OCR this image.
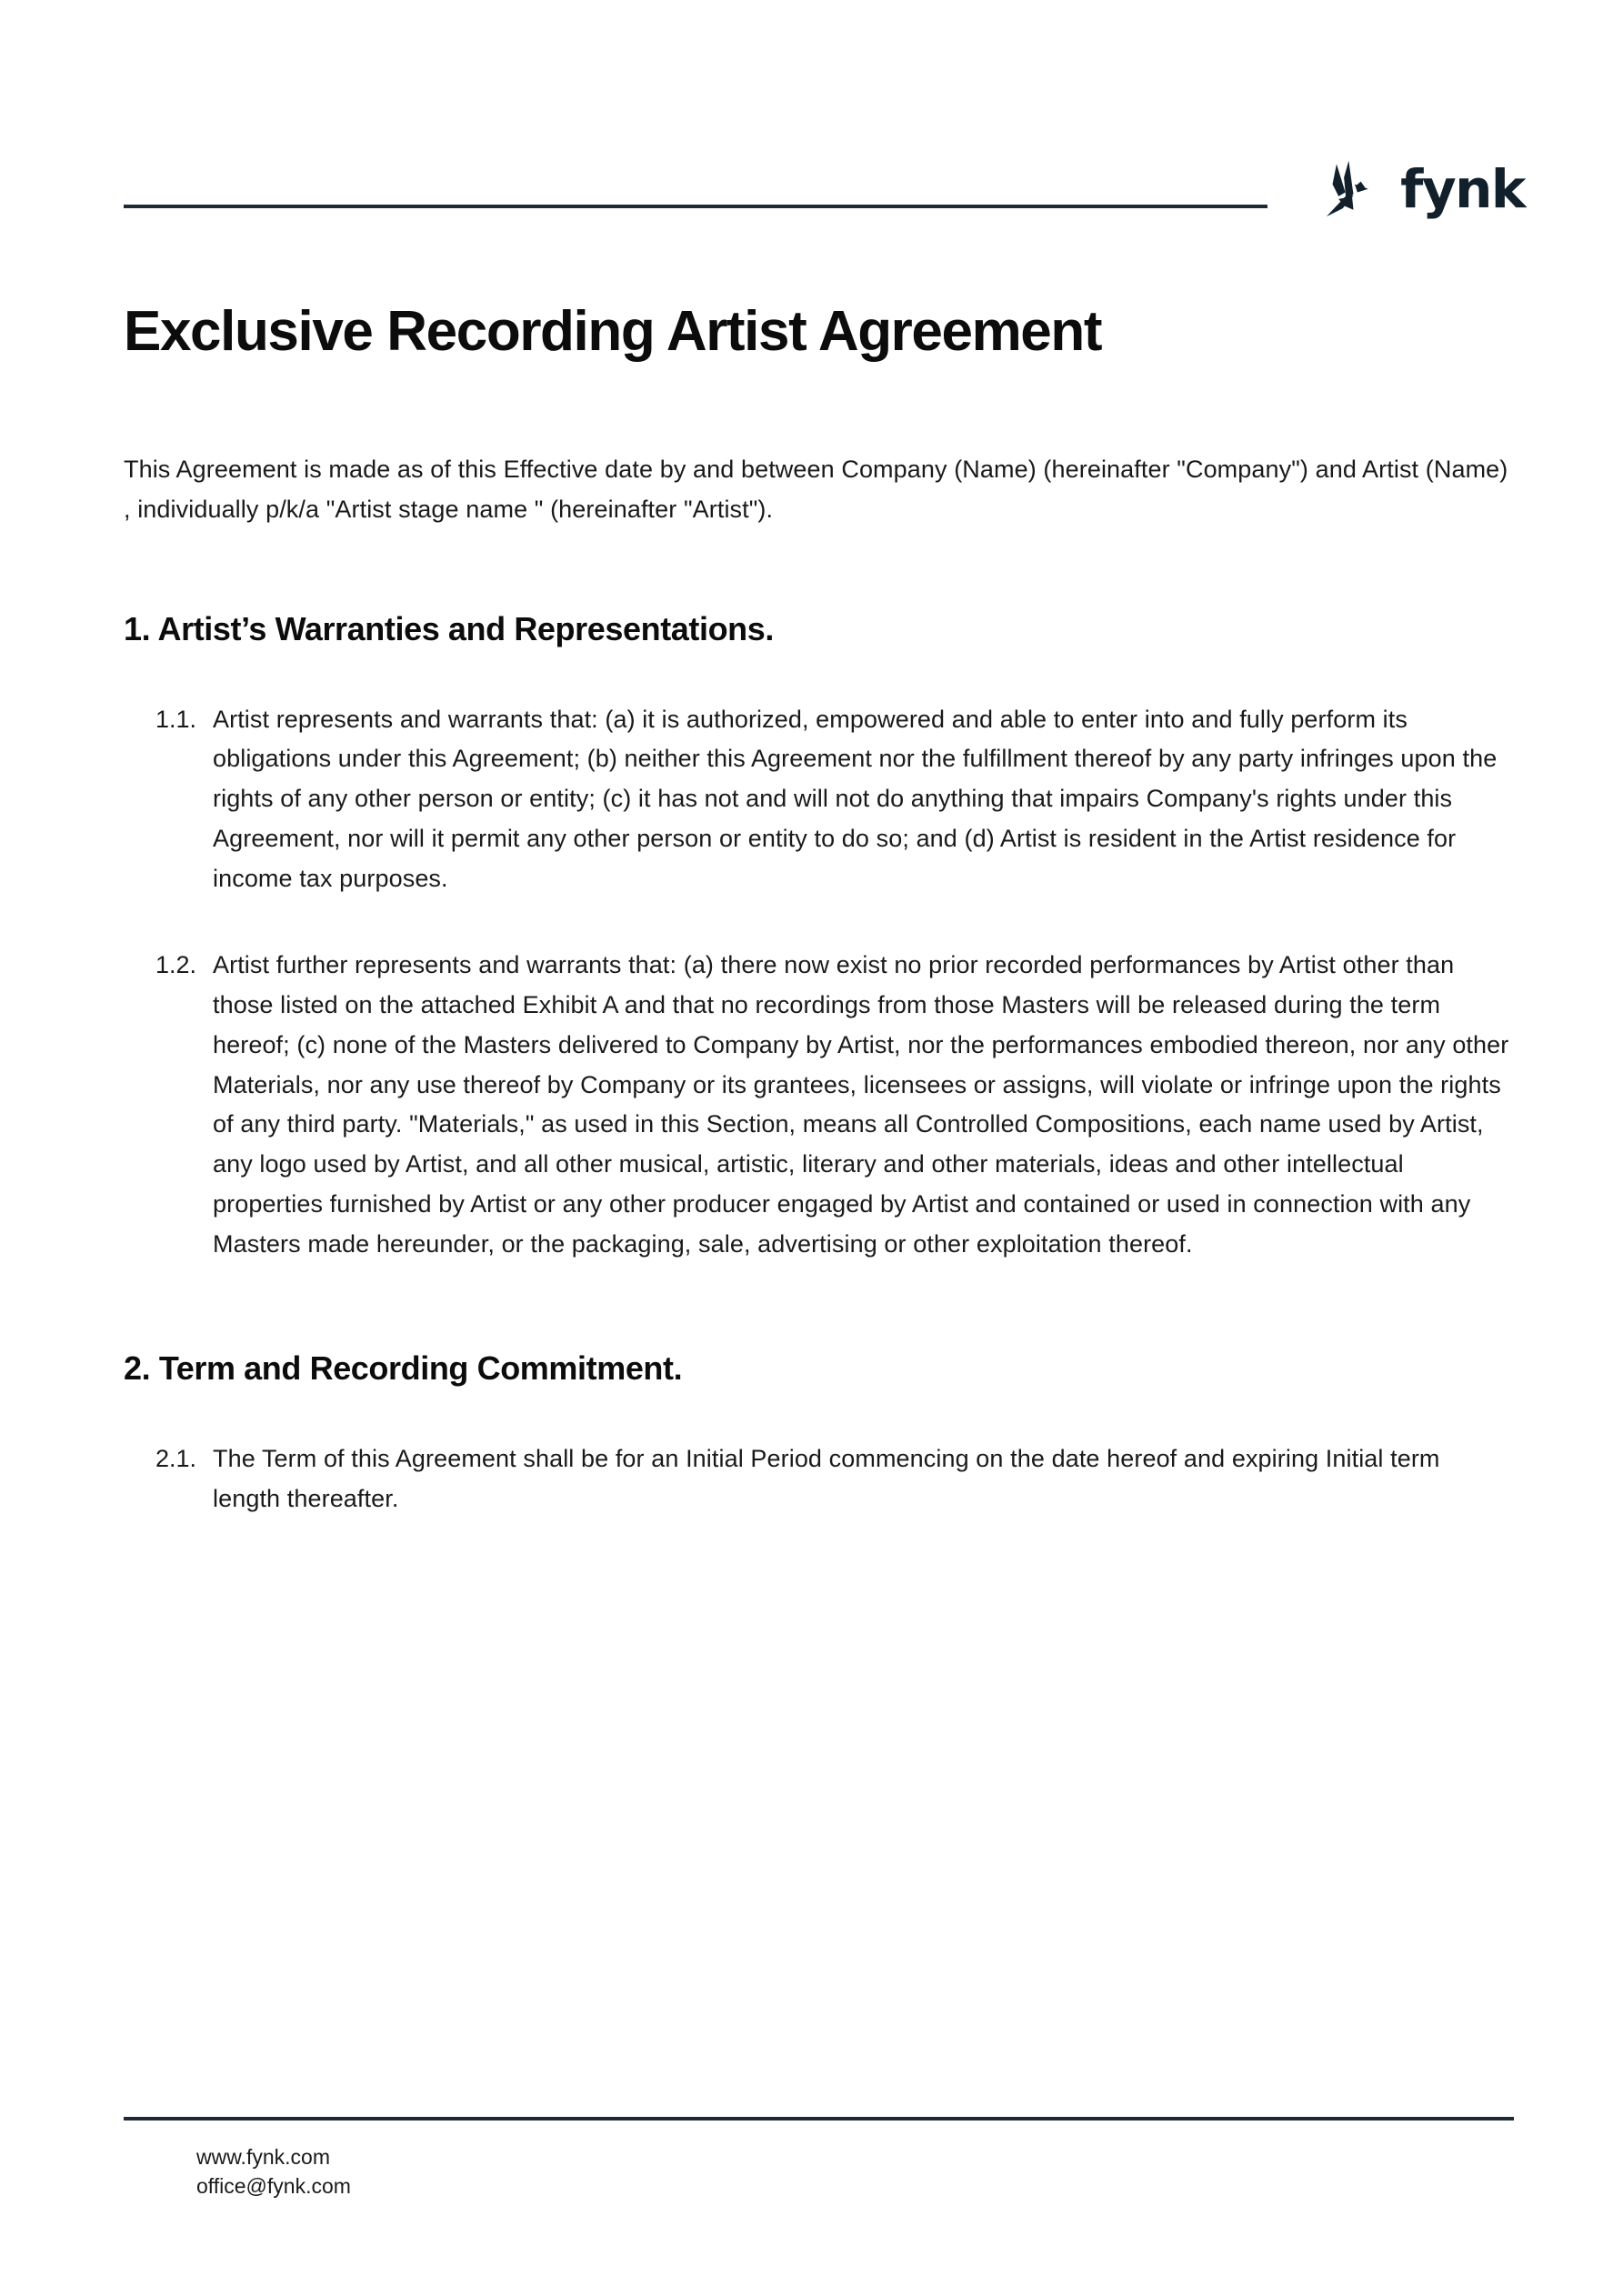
fynk
Exclusive Recording Artist Agreement

This Agreement is made as of this Effective date by and between Company (Name) (hereinafter "Company") and Artist (Name) , individually p/k/a "Artist stage name " (hereinafter "Artist").

1. Artist’s Warranties and Representations.
1.1. Artist represents and warrants that: (a) it is authorized, empowered and able to enter into and fully perform its obligations under this Agreement; (b) neither this Agreement nor the fulfillment thereof by any party infringes upon the rights of any other person or entity; (c) it has not and will not do anything that impairs Company's rights under this Agreement, nor will it permit any other person or entity to do so; and (d) Artist is resident in the Artist residence for income tax purposes.
1.2. Artist further represents and warrants that: (a) there now exist no prior recorded performances by Artist other than those listed on the attached Exhibit A and that no recordings from those Masters will be released during the term hereof; (c) none of the Masters delivered to Company by Artist, nor the performances embodied thereon, nor any other Materials, nor any use thereof by Company or its grantees, licensees or assigns, will violate or infringe upon the rights of any third party. "Materials," as used in this Section, means all Controlled Compositions, each name used by Artist, any logo used by Artist, and all other musical, artistic, literary and other materials, ideas and other intellectual properties furnished by Artist or any other producer engaged by Artist and contained or used in connection with any Masters made hereunder, or the packaging, sale, advertising or other exploitation thereof.
2. Term and Recording Commitment.
2.1. The Term of this Agreement shall be for an Initial Period commencing on the date hereof and expiring Initial term length thereafter.
www.fynk.com
office@fynk.com
